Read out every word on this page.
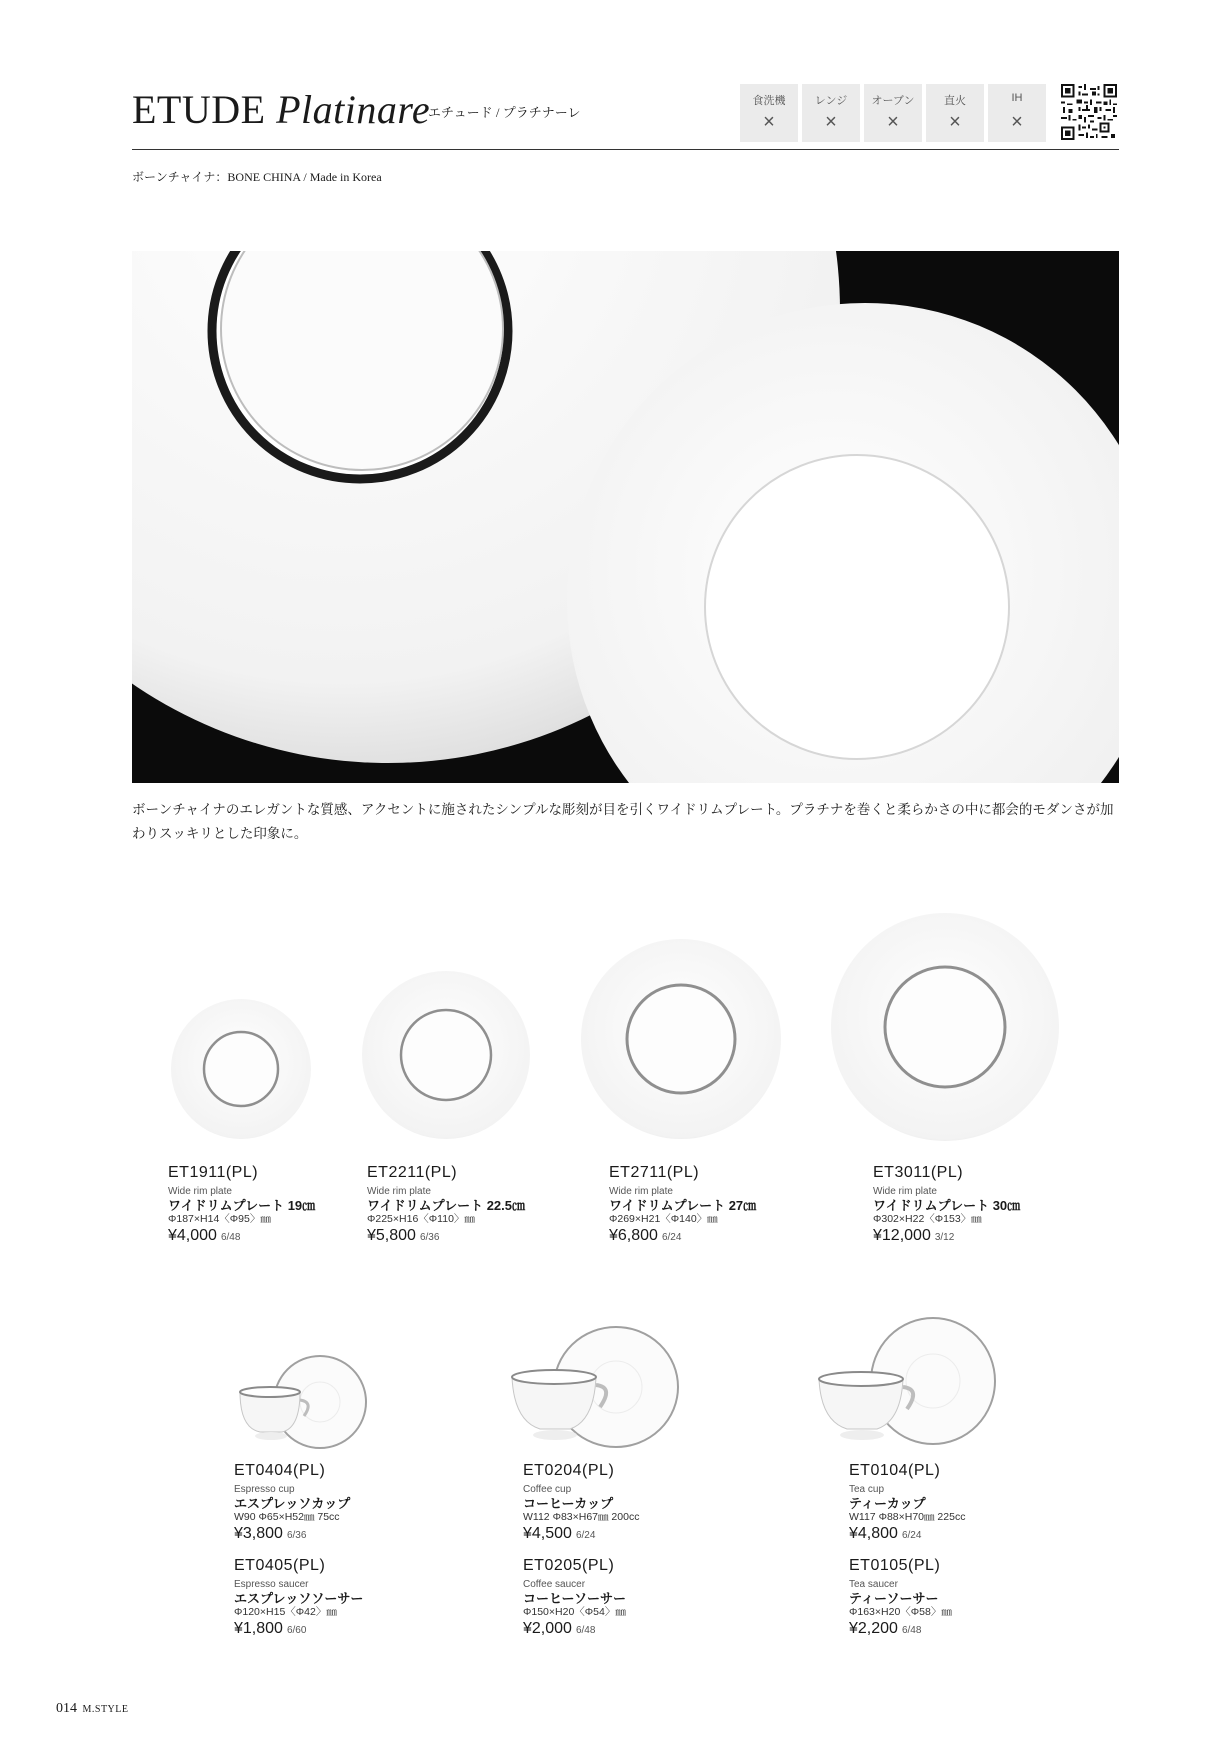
ETUDE Platinare
エチュード / プラチナーレ
食洗機
×
レンジ
×
オーブン
×
直火
×
IH
×
ボーンチャイナ：BONE CHINA / Made in Korea
ボーンチャイナのエレガントな質感、アクセントに施されたシンプルな彫刻が目を引くワイドリムプレート。プラチナを巻くと柔らかさの中に都会的モダンさが加わりスッキリとした印象に。
ET1911(PL)
Wide rim plate
ワイドリムプレート 19㎝
Φ187×H14〈Φ95〉㎜
¥4,000 6/48
ET2211(PL)
Wide rim plate
ワイドリムプレート 22.5㎝
Φ225×H16〈Φ110〉㎜
¥5,800 6/36
ET2711(PL)
Wide rim plate
ワイドリムプレート 27㎝
Φ269×H21〈Φ140〉㎜
¥6,800 6/24
ET3011(PL)
Wide rim plate
ワイドリムプレート 30㎝
Φ302×H22〈Φ153〉㎜
¥12,000 3/12
ET0404(PL)
Espresso cup
エスプレッソカップ
W90 Φ65×H52㎜ 75cc
¥3,800 6/36
ET0405(PL)
Espresso saucer
エスプレッソソーサー
Φ120×H15〈Φ42〉㎜
¥1,800 6/60
ET0204(PL)
Coffee cup
コーヒーカップ
W112 Φ83×H67㎜ 200cc
¥4,500 6/24
ET0205(PL)
Coffee saucer
コーヒーソーサー
Φ150×H20〈Φ54〉㎜
¥2,000 6/48
ET0104(PL)
Tea cup
ティーカップ
W117 Φ88×H70㎜ 225cc
¥4,800 6/24
ET0105(PL)
Tea saucer
ティーソーサー
Φ163×H20〈Φ58〉㎜
¥2,200 6/48
014 M.STYLE
